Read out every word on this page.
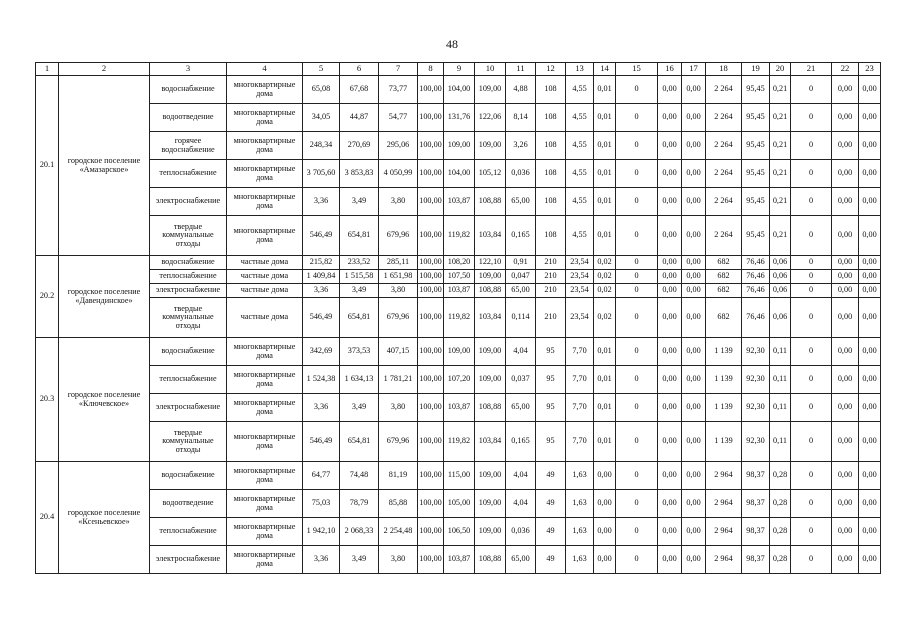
48
1	2	3	4	5	6	7	8	9	10	11	12	13	14	15	16	17	18	19	20	21	22	23
20.1	городское поселение «Амазарское»	водоснабжение	многоквартирные дома	65,08	67,68	73,77	100,00	104,00	109,00	4,88	108	4,55	0,01	0	0,00	0,00	2 264	95,45	0,21	0	0,00	0,00
		водоотведение	многоквартирные дома	34,05	44,87	54,77	100,00	131,76	122,06	8,14	108	4,55	0,01	0	0,00	0,00	2 264	95,45	0,21	0	0,00	0,00
		горячее водоснабжение	многоквартирные дома	248,34	270,69	295,06	100,00	109,00	109,00	3,26	108	4,55	0,01	0	0,00	0,00	2 264	95,45	0,21	0	0,00	0,00
		теплоснабжение	многоквартирные дома	3 705,60	3 853,83	4 050,99	100,00	104,00	105,12	0,036	108	4,55	0,01	0	0,00	0,00	2 264	95,45	0,21	0	0,00	0,00
		электроснабжение	многоквартирные дома	3,36	3,49	3,80	100,00	103,87	108,88	65,00	108	4,55	0,01	0	0,00	0,00	2 264	95,45	0,21	0	0,00	0,00
		твердые коммунальные отходы	многоквартирные дома	546,49	654,81	679,96	100,00	119,82	103,84	0,165	108	4,55	0,01	0	0,00	0,00	2 264	95,45	0,21	0	0,00	0,00
20.2	городское поселение «Давендинское»	водоснабжение	частные дома	215,82	233,52	285,11	100,00	108,20	122,10	0,91	210	23,54	0,02	0	0,00	0,00	682	76,46	0,06	0	0,00	0,00
		теплоснабжение	частные дома	1 409,84	1 515,58	1 651,98	100,00	107,50	109,00	0,047	210	23,54	0,02	0	0,00	0,00	682	76,46	0,06	0	0,00	0,00
		электроснабжение	частные дома	3,36	3,49	3,80	100,00	103,87	108,88	65,00	210	23,54	0,02	0	0,00	0,00	682	76,46	0,06	0	0,00	0,00
		твердые коммунальные отходы	частные дома	546,49	654,81	679,96	100,00	119,82	103,84	0,114	210	23,54	0,02	0	0,00	0,00	682	76,46	0,06	0	0,00	0,00
20.3	городское поселение «Ключевское»	водоснабжение	многоквартирные дома	342,69	373,53	407,15	100,00	109,00	109,00	4,04	95	7,70	0,01	0	0,00	0,00	1 139	92,30	0,11	0	0,00	0,00
		теплоснабжение	многоквартирные дома	1 524,38	1 634,13	1 781,21	100,00	107,20	109,00	0,037	95	7,70	0,01	0	0,00	0,00	1 139	92,30	0,11	0	0,00	0,00
		электроснабжение	многоквартирные дома	3,36	3,49	3,80	100,00	103,87	108,88	65,00	95	7,70	0,01	0	0,00	0,00	1 139	92,30	0,11	0	0,00	0,00
		твердые коммунальные отходы	многоквартирные дома	546,49	654,81	679,96	100,00	119,82	103,84	0,165	95	7,70	0,01	0	0,00	0,00	1 139	92,30	0,11	0	0,00	0,00
20.4	городское поселение «Ксеньевское»	водоснабжение	многоквартирные дома	64,77	74,48	81,19	100,00	115,00	109,00	4,04	49	1,63	0,00	0	0,00	0,00	2 964	98,37	0,28	0	0,00	0,00
		водоотведение	многоквартирные дома	75,03	78,79	85,88	100,00	105,00	109,00	4,04	49	1,63	0,00	0	0,00	0,00	2 964	98,37	0,28	0	0,00	0,00
		теплоснабжение	многоквартирные дома	1 942,10	2 068,33	2 254,48	100,00	106,50	109,00	0,036	49	1,63	0,00	0	0,00	0,00	2 964	98,37	0,28	0	0,00	0,00
		электроснабжение	многоквартирные дома	3,36	3,49	3,80	100,00	103,87	108,88	65,00	49	1,63	0,00	0	0,00	0,00	2 964	98,37	0,28	0	0,00	0,00
